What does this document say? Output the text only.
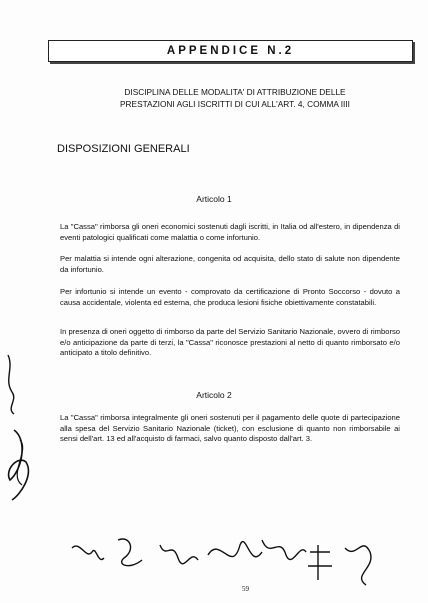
APPENDICE N.2
DISCIPLINA DELLE MODALITA' DI ATTRIBUZIONE DELLE
PRESTAZIONI AGLI ISCRITTI DI CUI ALL'ART. 4, COMMA IIII
DISPOSIZIONI GENERALI
Articolo 1
La "Cassa" rimborsa gli oneri economici sostenuti dagli iscritti, in Italia od all'estero, in dipendenza di eventi patologici qualificati come malattia o come infortunio.
Per malattia si intende ogni alterazione, congenita od acquisita, dello stato di salute non dipendente da infortunio.
Per infortunio si intende un evento - comprovato da certificazione di Pronto Soccorso - dovuto a causa accidentale, violenta ed esterna, che produca lesioni fisiche obiettivamente constatabili.
In presenza di oneri oggetto di rimborso da parte del Servizio Sanitario Nazionale, ovvero di rimborso e/o anticipazione da parte di terzi, la "Cassa" riconosce prestazioni al netto di quanto rimborsato e/o anticipato a titolo definitivo.
Articolo 2
La "Cassa" rimborsa integralmente gli oneri sostenuti per il pagamento delle quote di partecipazione alla spesa del Servizio Sanitario Nazionale (ticket), con esclusione di quanto non rimborsabile ai sensi dell'art. 13 ed all'acquisto di farmaci, salvo quanto disposto dall'art. 3.
59
